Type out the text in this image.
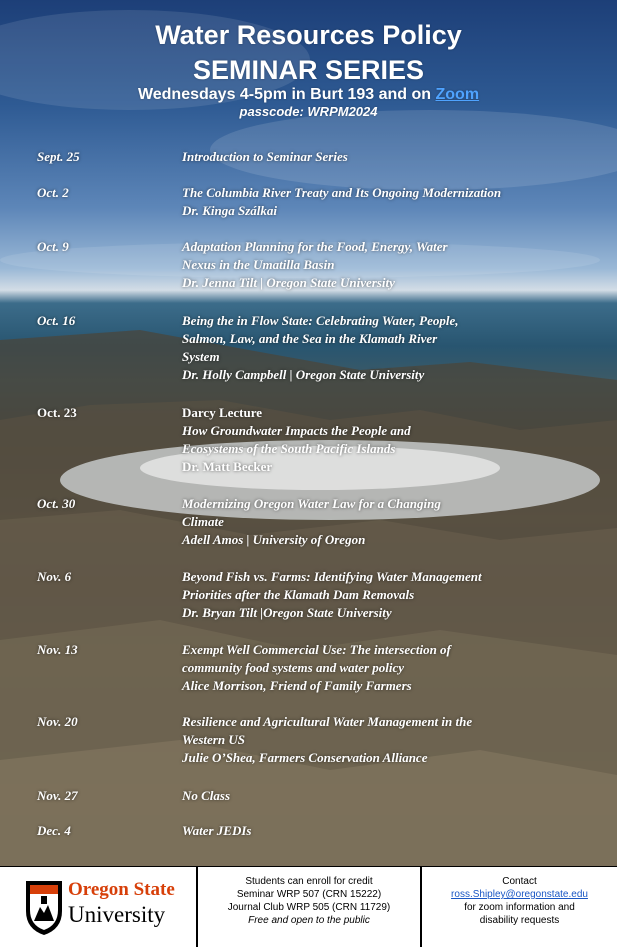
Water Resources Policy
SEMINAR SERIES
Wednesdays 4-5pm in Burt 193 and on Zoom
passcode: WRPM2024
Sept. 25	Introduction to Seminar Series
Oct. 2	The Columbia River Treaty and Its Ongoing Modernization
Dr. Kinga Szálkai
Oct. 9	Adaptation Planning for the Food, Energy, Water
Nexus in the Umatilla Basin
Dr. Jenna Tilt | Oregon State University
Oct. 16	Being the in Flow State: Celebrating Water, People,
Salmon, Law, and the Sea in the Klamath River
System
Dr. Holly Campbell | Oregon State University
Oct. 23	Darcy Lecture
How Groundwater Impacts the People and
Ecosystems of the South Pacific Islands
Dr. Matt Becker
Oct. 30	Modernizing Oregon Water Law for a Changing
Climate
Adell Amos | University of Oregon
Nov. 6	Beyond Fish vs. Farms: Identifying Water Management
Priorities after the Klamath Dam Removals
Dr. Bryan Tilt |Oregon State University
Nov. 13	Exempt Well Commercial Use: The intersection of
community food systems and water policy
Alice Morrison, Friend of Family Farmers
Nov. 20	Resilience and Agricultural Water Management in the
Western US
Julie O’Shea, Farmers Conservation Alliance
Nov. 27	No Class
Dec. 4	Water JEDIs
Oregon State
University
Students can enroll for credit
Seminar WRP 507 (CRN 15222)
Journal Club WRP 505 (CRN 11729)
Free and open to the public
Contact
ross.Shipley@oregonstate.edu
for zoom information and
disability requests
